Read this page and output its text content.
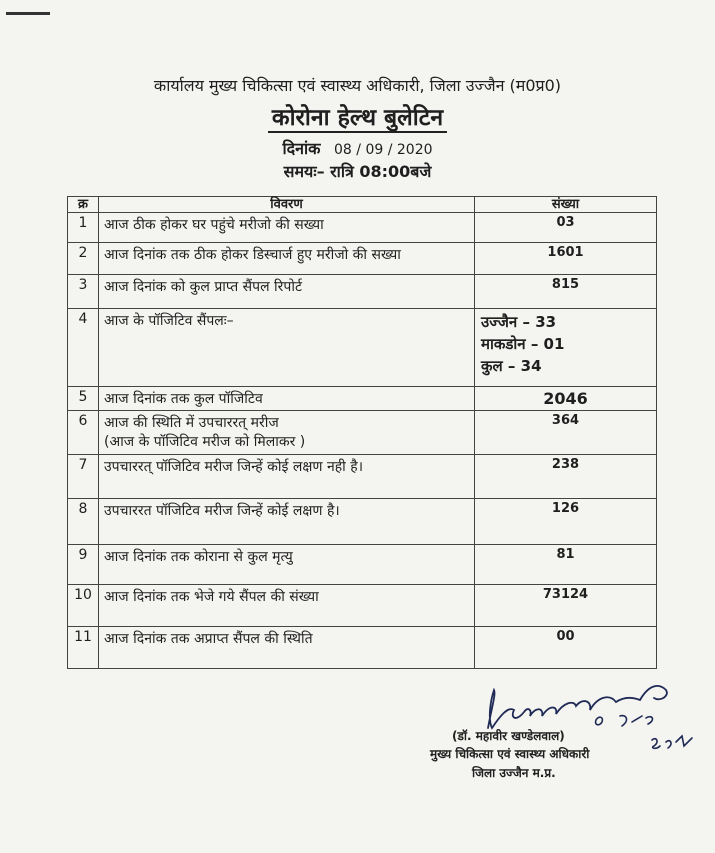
कार्यालय मुख्य चिकित्सा एवं स्वास्थ्य अधिकारी, जिला उज्जैन (म0प्र0)
कोरोना हेल्थ बुलेटिन
दिनांक 08 / 09 / 2020
समयः– रात्रि 08:00बजे
क्र	विवरण	संख्या
1	आज ठीक होकर घर पहुंचे मरीजो की सख्या	03
2	आज दिनांक तक ठीक होकर डिस्चार्ज हुए मरीजो की सख्या	1601
3	आज दिनांक को कुल प्राप्त सैंपल रिपोर्ट	815
4	आज के पॉजिटिव सैंपलः–	उज्जैन – 33
माकडोन – 01
कुल – 34

5	आज दिनांक तक कुल पॉजिटिव	2046
6	आज की स्थिति में उपचाररत् मरीज
(आज के पॉजिटिव मरीज को मिलाकर )	364
7	उपचाररत् पॉजिटिव मरीज जिन्हें कोई लक्षण नही है।	238
8	उपचाररत पॉजिटिव मरीज जिन्हें कोई लक्षण है।	126
9	आज दिनांक तक कोराना से कुल मृत्यु	81
10	आज दिनांक तक भेजे गये सैंपल की संख्या	73124
11	आज दिनांक तक अप्राप्त सैंपल की स्थिति	00
(डॉ. महावीर खण्डेलवाल)
मुख्य चिकित्सा एवं स्वास्थ्य अधिकारी
जिला उज्जैन म.प्र.
